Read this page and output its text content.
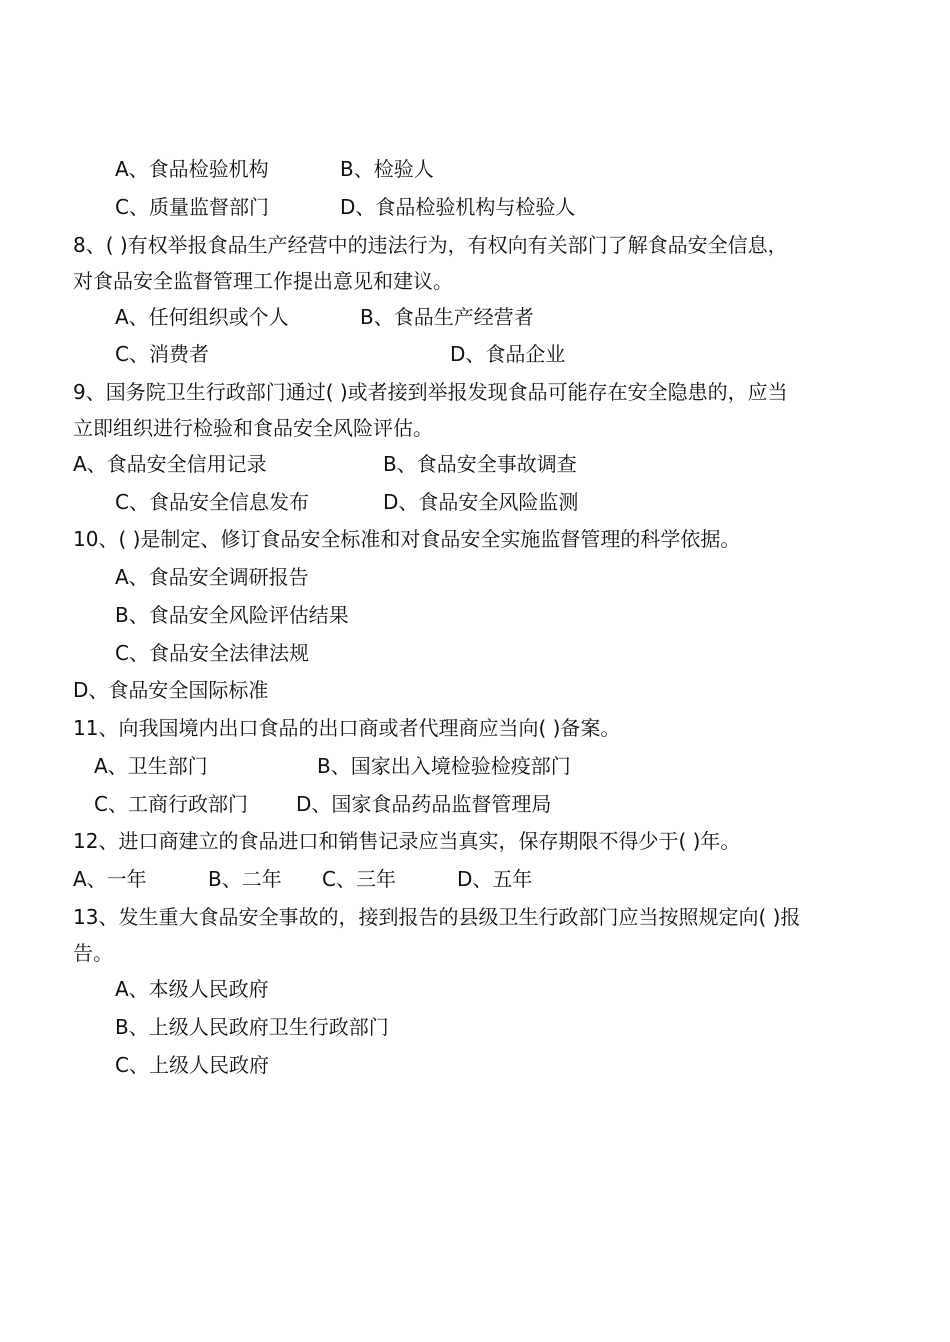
A、食品检验机构	B、检验人
C、质量监督部门	D、食品检验机构与检验人
8、( )有权举报食品生产经营中的违法行为，有权向有关部门了解食品安全信息，
对食品安全监督管理工作提出意见和建议。
A、任何组织或个人	B、食品生产经营者
C、消费者	D、食品企业
9、国务院卫生行政部门通过( )或者接到举报发现食品可能存在安全隐患的，应当
立即组织进行检验和食品安全风险评估。
A、食品安全信用记录	B、食品安全事故调查
C、食品安全信息发布	D、食品安全风险监测
10、( )是制定、修订食品安全标准和对食品安全实施监督管理的科学依据。
A、食品安全调研报告
B、食品安全风险评估结果
C、食品安全法律法规
D、食品安全国际标准
11、向我国境内出口食品的出口商或者代理商应当向( )备案。
A、卫生部门	B、国家出入境检验检疫部门
C、工商行政部门 D、国家食品药品监督管理局
12、进口商建立的食品进口和销售记录应当真实，保存期限不得少于( )年。
A、一年	B、二年 C、三年	D、五年
13、发生重大食品安全事故的，接到报告的县级卫生行政部门应当按照规定向( )报
告。
A、本级人民政府
B、上级人民政府卫生行政部门
C、上级人民政府
